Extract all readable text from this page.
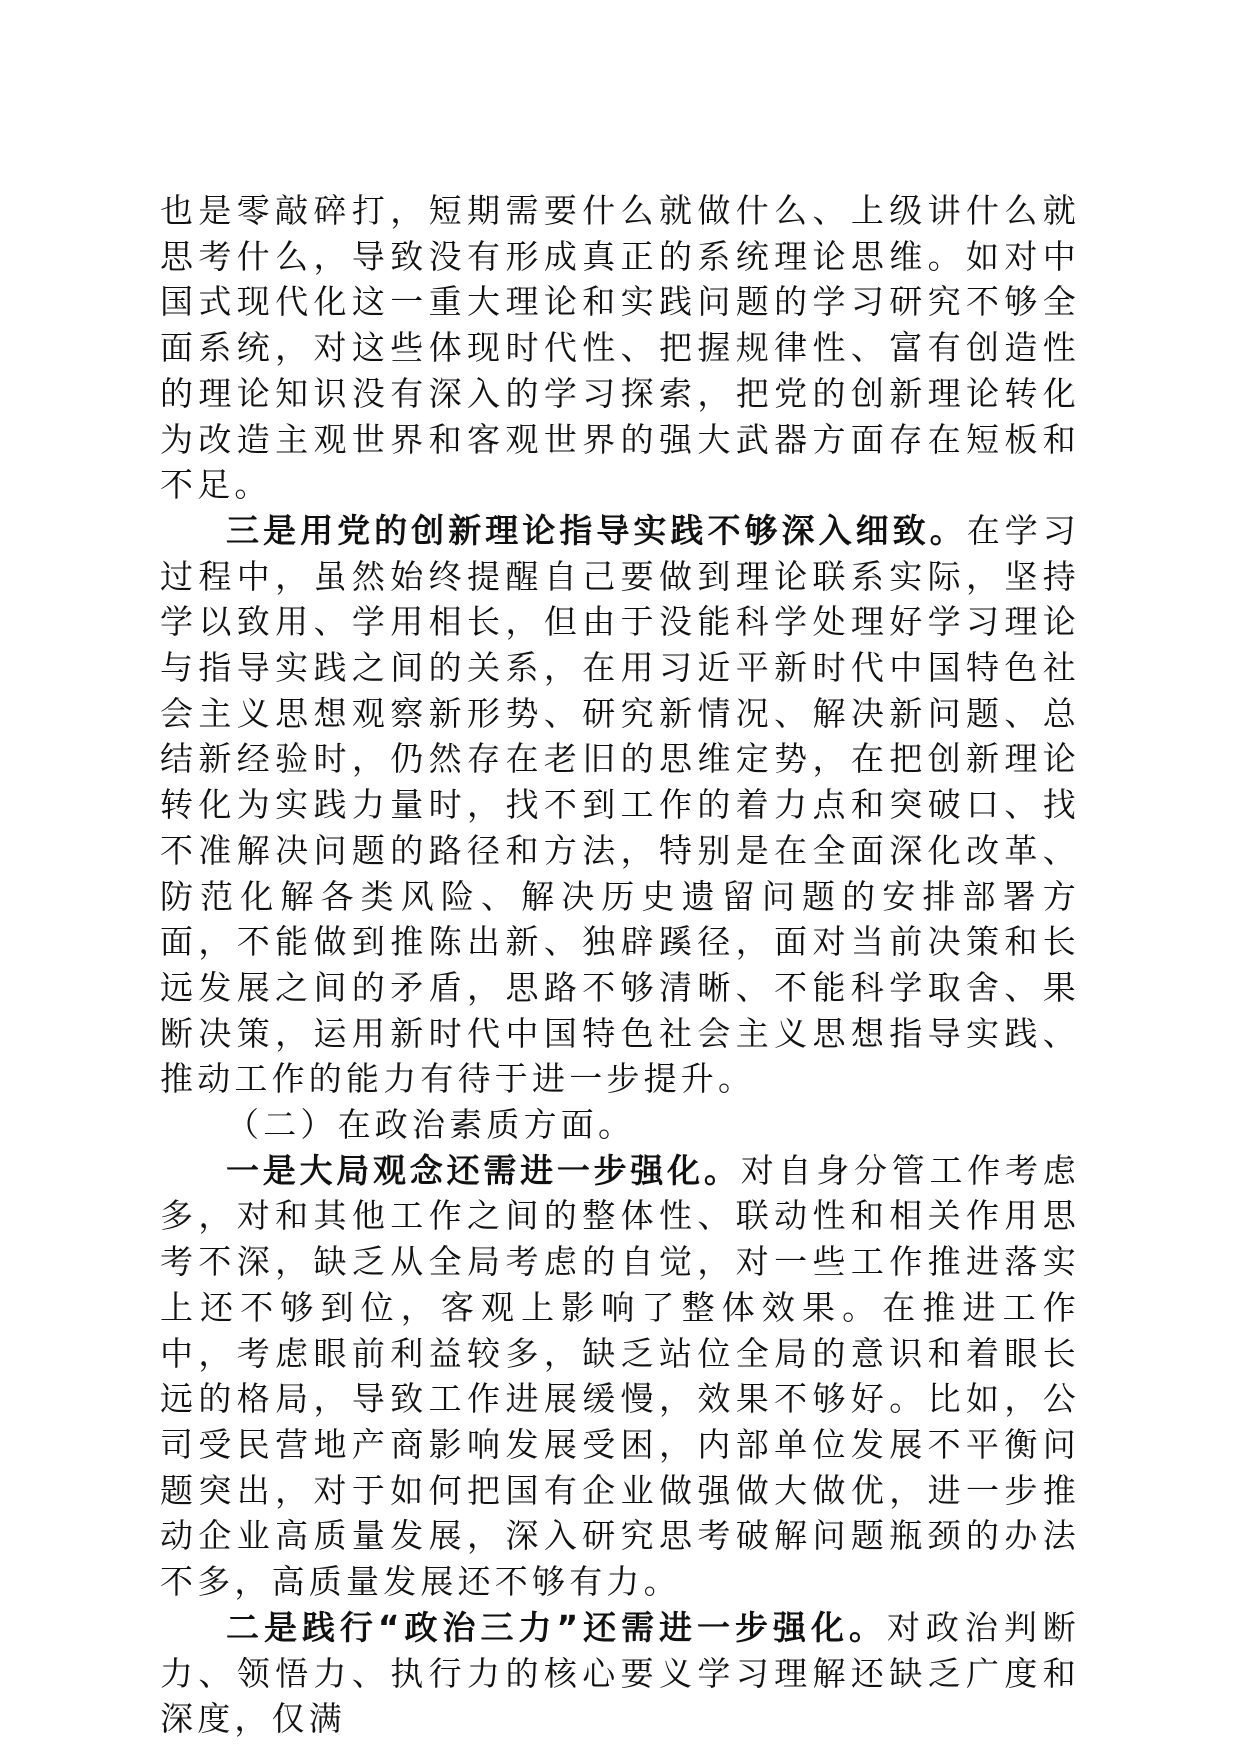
也是零敲碎打，短期需要什么就做什么、上级讲什么就思考什么，导致没有形成真正的系统理论思维。如对中国式现代化这一重大理论和实践问题的学习研究不够全面系统，对这些体现时代性、把握规律性、富有创造性的理论知识没有深入的学习探索，把党的创新理论转化为改造主观世界和客观世界的强大武器方面存在短板和不足。

三是用党的创新理论指导实践不够深入细致。在学习过程中，虽然始终提醒自己要做到理论联系实际，坚持学以致用、学用相长，但由于没能科学处理好学习理论与指导实践之间的关系，在用习近平新时代中国特色社会主义思想观察新形势、研究新情况、解决新问题、总结新经验时，仍然存在老旧的思维定势，在把创新理论转化为实践力量时，找不到工作的着力点和突破口、找不准解决问题的路径和方法，特别是在全面深化改革、防范化解各类风险、解决历史遗留问题的安排部署方面，不能做到推陈出新、独辟蹊径，面对当前决策和长远发展之间的矛盾，思路不够清晰、不能科学取舍、果断决策，运用新时代中国特色社会主义思想指导实践、推动工作的能力有待于进一步提升。

（二）在政治素质方面。

一是大局观念还需进一步强化。对自身分管工作考虑多，对和其他工作之间的整体性、联动性和相关作用思考不深，缺乏从全局考虑的自觉，对一些工作推进落实上还不够到位，客观上影响了整体效果。在推进工作中，考虑眼前利益较多，缺乏站位全局的意识和着眼长远的格局，导致工作进展缓慢，效果不够好。比如，公司受民营地产商影响发展受困，内部单位发展不平衡问题突出，对于如何把国有企业做强做大做优，进一步推动企业高质量发展，深入研究思考破解问题瓶颈的办法不多，高质量发展还不够有力。

二是践行“政治三力”还需进一步强化。对政治判断力、领悟力、执行力的核心要义学习理解还缺乏广度和深度，仅满
